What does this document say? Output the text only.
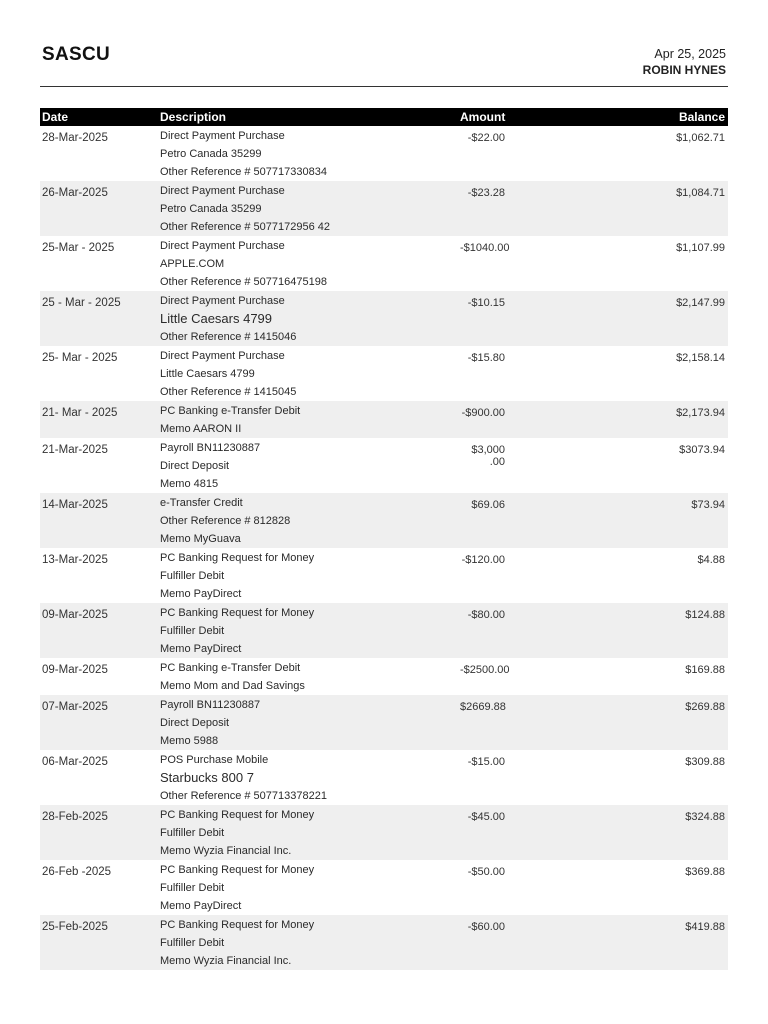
SASCU	Apr 25, 2025
ROBIN HYNES
Date	Description	Amount	Balance
28-Mar-2025	Direct Payment Purchase
Petro Canada 35299
Other Reference # 507717330834
-$22.00	$1,062.71
26-Mar-2025	Direct Payment Purchase
Petro Canada 35299
Other Reference # 5077172956 42
-$23.28	$1,084.71
25-Mar - 2025	Direct Payment Purchase
APPLE.COM
Other Reference # 507716475198
-$1040.00	$1,107.99
25 - Mar - 2025	Direct Payment Purchase
Little Caesars 4799
Other Reference # 1415046
-$10.15	$2,147.99
25- Mar - 2025	Direct Payment Purchase
Little Caesars 4799
Other Reference # 1415045
-$15.80	$2,158.14
21- Mar - 2025	PC Banking e-Transfer Debit
Memo AARON II
-$900.00	$2,173.94
21-Mar-2025	Payroll BN11230887
Direct Deposit
Memo 4815
$3,000 .00
$3073.94
14-Mar-2025	e-Transfer Credit
Other Reference # 812828
Memo MyGuava
$69.06	$73.94
13-Mar-2025	PC Banking Request for Money
Fulfiller Debit
Memo PayDirect
-$120.00	$4.88
09-Mar-2025	PC Banking Request for Money
Fulfiller Debit
Memo PayDirect
-$80.00	$124.88
09-Mar-2025	PC Banking e-Transfer Debit
Memo Mom and Dad Savings
-$2500.00	$169.88
07-Mar-2025	Payroll BN11230887
Direct Deposit
Memo 5988
$2669.88	$269.88
06-Mar-2025	POS Purchase Mobile
Starbucks 800 7
Other Reference # 507713378221
-$15.00	$309.88
28-Feb-2025	PC Banking Request for Money
Fulfiller Debit
Memo Wyzia Financial Inc.
-$45.00	$324.88
26-Feb -2025	PC Banking Request for Money
Fulfiller Debit
Memo PayDirect
-$50.00	$369.88
25-Feb-2025	PC Banking Request for Money
Fulfiller Debit
Memo Wyzia Financial Inc.
-$60.00	$419.88
